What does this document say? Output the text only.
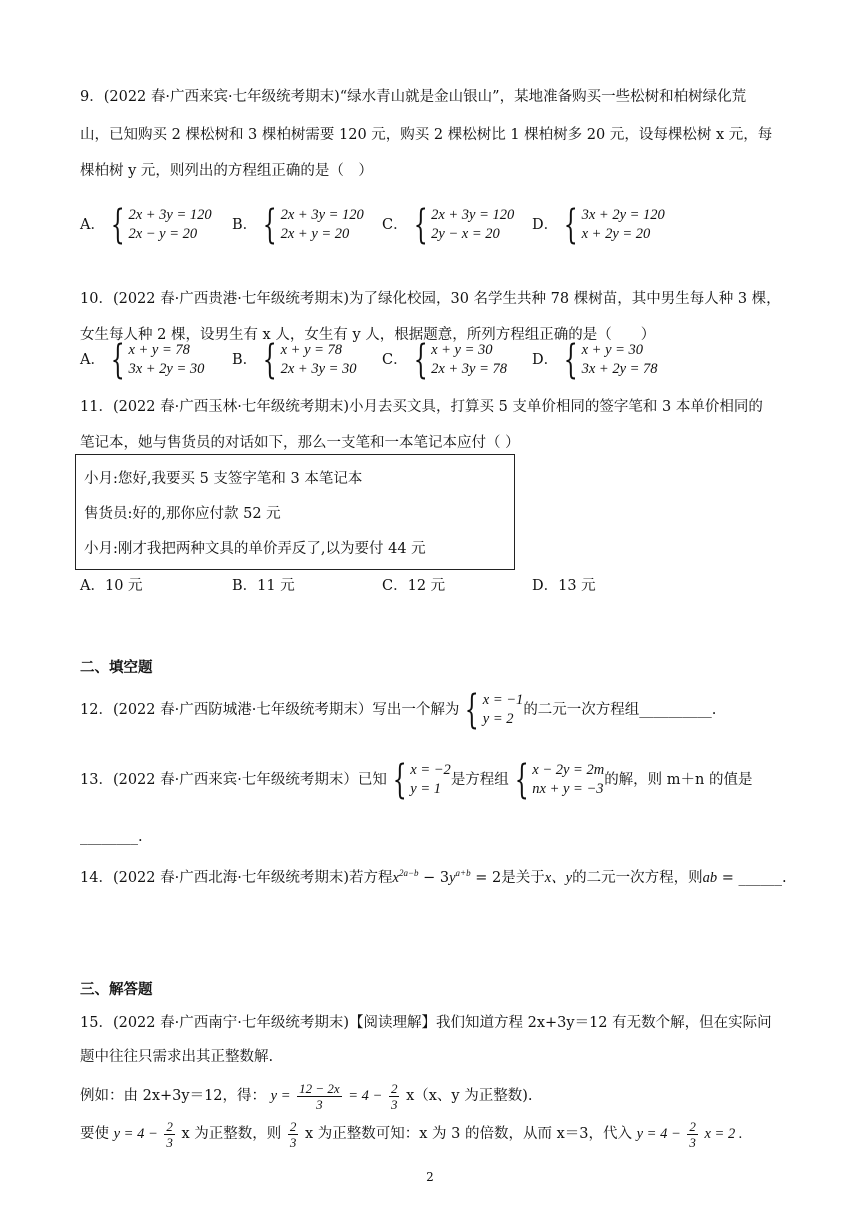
9．(2022 春·广西来宾·七年级统考期末)“绿水青山就是金山银山”，某地准备购买一些松树和柏树绿化荒
山，已知购买 2 棵松树和 3 棵柏树需要 120 元，购买 2 棵松树比 1 棵柏树多 20 元，设每棵松树 x 元，每
棵柏树 y 元，则列出的方程组正确的是（　）
A． { 2x + 3y = 120
2x − y = 20
B． { 2x + 3y = 120
2x + y = 20
C． { 2x + 3y = 120
2y − x = 20
D． { 3x + 2y = 120
x + 2y = 20
10．(2022 春·广西贵港·七年级统考期末)为了绿化校园，30 名学生共种 78 棵树苗，其中男生每人种 3 棵，
女生每人种 2 棵，设男生有 x 人，女生有 y 人，根据题意，所列方程组正确的是（　　）
A． { x + y = 78
3x + 2y = 30
B． { x + y = 78
2x + 3y = 30
C． { x + y = 30
2x + 3y = 78
D． { x + y = 30
3x + 2y = 78
11．(2022 春·广西玉林·七年级统考期末)小月去买文具，打算买 5 支单价相同的签字笔和 3 本单价相同的
笔记本，她与售货员的对话如下，那么一支笔和一本笔记本应付（ ）
小月:您好,我要买 5 支签字笔和 3 本笔记本
售货员:好的,那你应付款 52 元
小月:刚才我把两种文具的单价弄反了,以为要付 44 元
A．10 元	B．11 元	C．12 元	D．13 元
二、填空题
12．(2022 春·广西防城港·七年级统考期末）写出一个解为 { x = −1
y = 2
的二元一次方程组__________.
13．(2022 春·广西来宾·七年级统考期末）已知 { x = −2
y = 1
是方程组 { x − 2y = 2m
nx + y = −3
的解，则 m＋n 的值是
________.
14．(2022 春·广西北海·七年级统考期末)若方程$x^{2a-b} - 3y^{a+b} = 2$是关于x、y的二元一次方程，则ab = ______.
三、解答题
15．(2022 春·广西南宁·七年级统考期末)【阅读理解】我们知道方程 2x+3y＝12 有无数个解，但在实际问
题中往往只需求出其正整数解.
例如：由 2x+3y＝12，得： $y = \frac{12 - 2x}{3} = 4 - \frac{2}{3} x(x$、y 为正整数).
要使 $y = 4 - \frac{2}{3}$ x 为正整数，则 $\frac{2}{3}$ x 为正整数可知：x 为 3 的倍数，从而 x＝3，代入 $y = 4 - \frac{2}{3}$ x = 2 .
2
